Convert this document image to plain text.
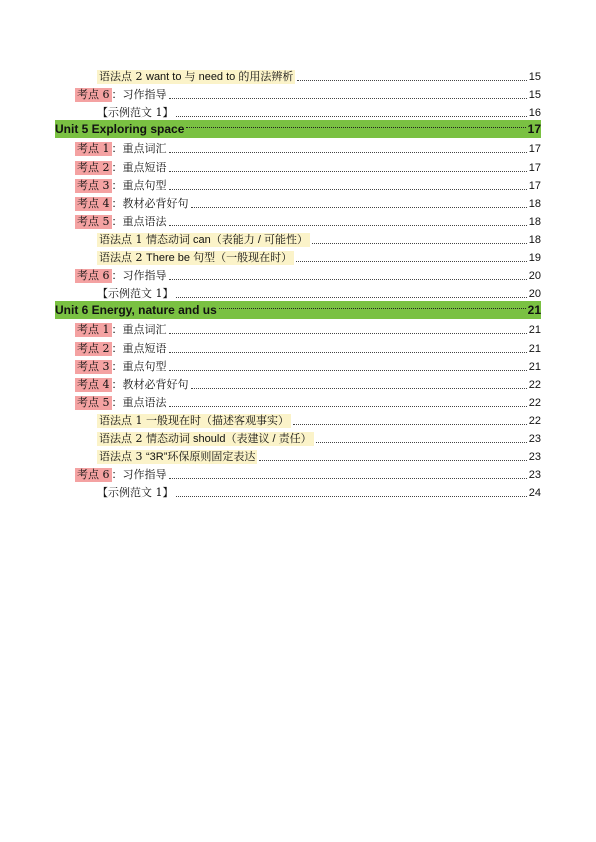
语法点 2 want to 与 need to 的用法辨析	15
考点 6 ：习作指导	15
【示例范文 1】	16
Unit 5 Exploring space	17
考点 1 ：重点词汇	17
考点 2 ：重点短语	17
考点 3 ：重点句型	17
考点 4 ：教材必背好句	18
考点 5 ：重点语法	18
语法点 1 情态动词 can（表能力 / 可能性）	18
语法点 2 There be 句型（一般现在时）	19
考点 6 ：习作指导	20
【示例范文 1】	20
Unit 6 Energy, nature and us	21
考点 1 ：重点词汇	21
考点 2 ：重点短语	21
考点 3 ：重点句型	21
考点 4 ：教材必背好句	22
考点 5 ：重点语法	22
语法点 1 一般现在时（描述客观事实）	22
语法点 2 情态动词 should（表建议 / 责任）	23
语法点 3 “3R”环保原则固定表达	23
考点 6 ：习作指导	23
【示例范文 1】	24
